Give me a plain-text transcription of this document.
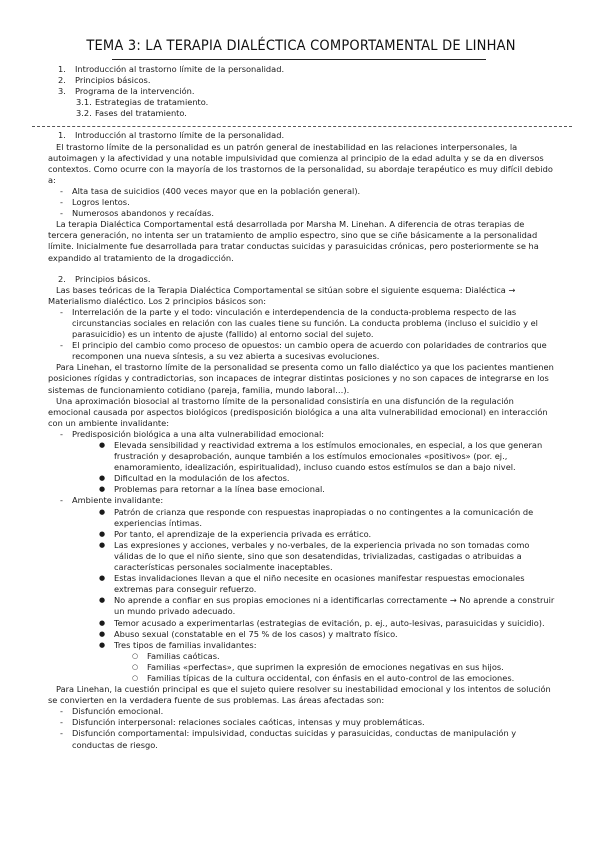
TEMA 3: LA TERAPIA DIALÉCTICA COMPORTAMENTAL DE LINHAN
1. Introducción al trastorno límite de la personalidad.
2. Principios básicos.
3. Programa de la intervención.
3.1. Estrategias de tratamiento.
3.2. Fases del tratamiento.
1. Introducción al trastorno límite de la personalidad.

El trastorno límite de la personalidad es un patrón general de inestabilidad en las relaciones interpersonales, la autoimagen y la afectividad y una notable impulsividad que comienza al principio de la edad adulta y se da en diversos contextos. Como ocurre con la mayoría de los trastornos de la personalidad, su abordaje terapéutico es muy difícil debido a:

- Alta tasa de suicidios (400 veces mayor que en la población general).
- Logros lentos.
- Numerosos abandonos y recaídas.

La terapia Dialéctica Comportamental está desarrollada por Marsha M. Linehan. A diferencia de otras terapias de tercera generación, no intenta ser un tratamiento de amplio espectro, sino que se ciñe básicamente a la personalidad límite. Inicialmente fue desarrollada para tratar conductas suicidas y parasuicidas crónicas, pero posteriormente se ha expandido al tratamiento de la drogadicción.

2. Principios básicos.

Las bases teóricas de la Terapia Dialéctica Comportamental se sitúan sobre el siguiente esquema: Dialéctica → Materialismo dialéctico. Los 2 principios básicos son:

- Interrelación de la parte y el todo: vinculación e interdependencia de la conducta-problema respecto de las circunstancias sociales en relación con las cuales tiene su función. La conducta problema (incluso el suicidio y el parasuicidio) es un intento de ajuste (fallido) al entorno social del sujeto.
- El principio del cambio como proceso de opuestos: un cambio opera de acuerdo con polaridades de contrarios que recomponen una nueva síntesis, a su vez abierta a sucesivas evoluciones.

Para Linehan, el trastorno límite de la personalidad se presenta como un fallo dialéctico ya que los pacientes mantienen posiciones rígidas y contradictorias, son incapaces de integrar distintas posiciones y no son capaces de integrarse en los sistemas de funcionamiento cotidiano (pareja, familia, mundo laboral…).

Una aproximación biosocial al trastorno límite de la personalidad consistiría en una disfunción de la regulación emocional causada por aspectos biológicos (predisposición biológica a una alta vulnerabilidad emocional) en interacción con un ambiente invalidante:

- Predisposición biológica a una alta vulnerabilidad emocional:
● Elevada sensibilidad y reactividad extrema a los estímulos emocionales, en especial, a los que generan frustración y desaprobación, aunque también a los estímulos emocionales «positivos» (por. ej., enamoramiento, idealización, espiritualidad), incluso cuando estos estímulos se dan a bajo nivel.
● Dificultad en la modulación de los afectos.
● Problemas para retornar a la línea base emocional.
- Ambiente invalidante:
● Patrón de crianza que responde con respuestas inapropiadas o no contingentes a la comunicación de experiencias íntimas.
● Por tanto, el aprendizaje de la experiencia privada es errático.
● Las expresiones y acciones, verbales y no-verbales, de la experiencia privada no son tomadas como válidas de lo que el niño siente, sino que son desatendidas, trivializadas, castigadas o atribuidas a características personales socialmente inaceptables.
● Estas invalidaciones llevan a que el niño necesite en ocasiones manifestar respuestas emocionales extremas para conseguir refuerzo.
● No aprende a confiar en sus propias emociones ni a identificarlas correctamente → No aprende a construir un mundo privado adecuado.
● Temor acusado a experimentarlas (estrategias de evitación, p. ej., auto-lesivas, parasuicidas y suicidio).
● Abuso sexual (constatable en el 75 % de los casos) y maltrato físico.
● Tres tipos de familias invalidantes:
○ Familias caóticas.
○ Familias «perfectas», que suprimen la expresión de emociones negativas en sus hijos.
○ Familias típicas de la cultura occidental, con énfasis en el auto-control de las emociones.

Para Linehan, la cuestión principal es que el sujeto quiere resolver su inestabilidad emocional y los intentos de solución se convierten en la verdadera fuente de sus problemas. Las áreas afectadas son:

- Disfunción emocional.
- Disfunción interpersonal: relaciones sociales caóticas, intensas y muy problemáticas.
- Disfunción comportamental: impulsividad, conductas suicidas y parasuicidas, conductas de manipulación y conductas de riesgo.
